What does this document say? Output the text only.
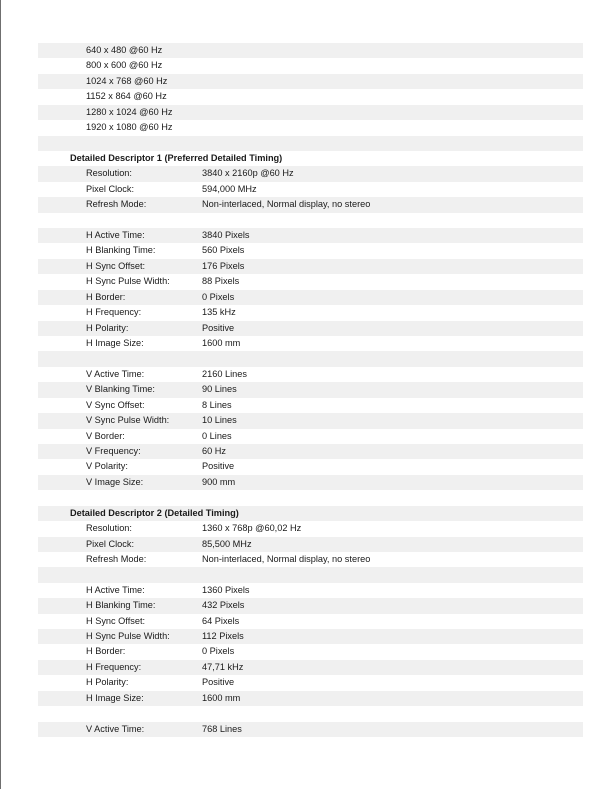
640 x 480 @60 Hz
800 x 600 @60 Hz
1024 x 768 @60 Hz
1152 x 864 @60 Hz
1280 x 1024 @60 Hz
1920 x 1080 @60 Hz
Detailed Descriptor 1 (Preferred Detailed Timing)
Resolution:	3840 x 2160p @60 Hz
Pixel Clock:	594,000 MHz
Refresh Mode:	Non-interlaced, Normal display, no stereo
H Active Time:	3840 Pixels
H Blanking Time:	560 Pixels
H Sync Offset:	176 Pixels
H Sync Pulse Width:	88 Pixels
H Border:	0 Pixels
H Frequency:	135 kHz
H Polarity:	Positive
H Image Size:	1600 mm
V Active Time:	2160 Lines
V Blanking Time:	90 Lines
V Sync Offset:	8 Lines
V Sync Pulse Width:	10 Lines
V Border:	0 Lines
V Frequency:	60 Hz
V Polarity:	Positive
V Image Size:	900 mm
Detailed Descriptor 2 (Detailed Timing)
Resolution:	1360 x 768p @60,02 Hz
Pixel Clock:	85,500 MHz
Refresh Mode:	Non-interlaced, Normal display, no stereo
H Active Time:	1360 Pixels
H Blanking Time:	432 Pixels
H Sync Offset:	64 Pixels
H Sync Pulse Width:	112 Pixels
H Border:	0 Pixels
H Frequency:	47,71 kHz
H Polarity:	Positive
H Image Size:	1600 mm
V Active Time:	768 Lines
